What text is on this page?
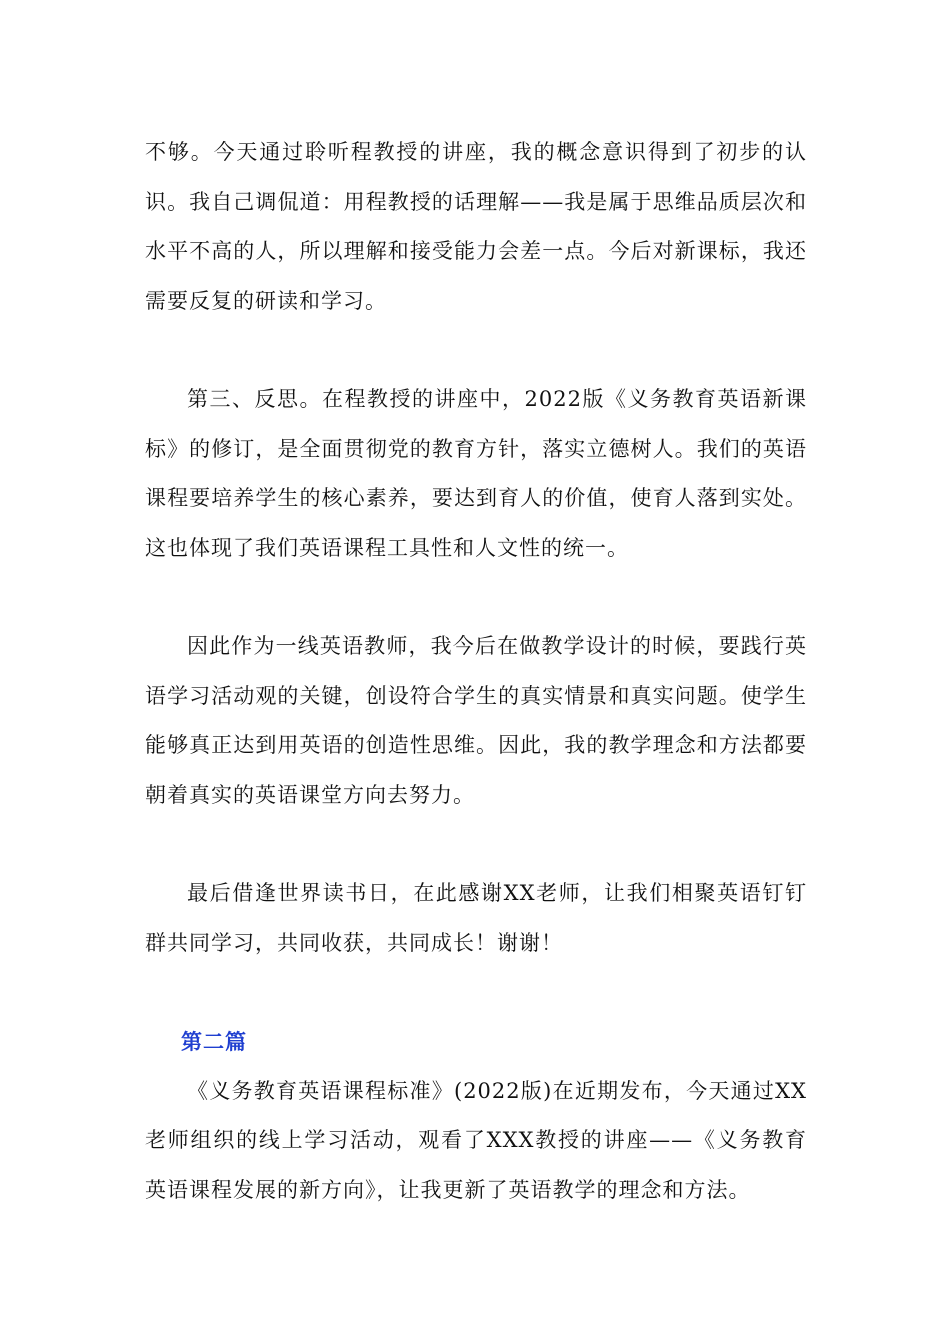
不够。今天通过聆听程教授的讲座，我的概念意识得到了初步的认识。我自己调侃道：用程教授的话理解——我是属于思维品质层次和水平不高的人，所以理解和接受能力会差一点。今后对新课标，我还需要反复的研读和学习。

第三、反思。在程教授的讲座中，2022版《义务教育英语新课标》的修订，是全面贯彻党的教育方针，落实立德树人。我们的英语课程要培养学生的核心素养，要达到育人的价值，使育人落到实处。这也体现了我们英语课程工具性和人文性的统一。

因此作为一线英语教师，我今后在做教学设计的时候，要践行英语学习活动观的关键，创设符合学生的真实情景和真实问题。使学生能够真正达到用英语的创造性思维。因此，我的教学理念和方法都要朝着真实的英语课堂方向去努力。

最后借逢世界读书日，在此感谢XX老师，让我们相聚英语钉钉群共同学习，共同收获，共同成长！谢谢！

第二篇

《义务教育英语课程标准》(2022版)在近期发布，今天通过XX老师组织的线上学习活动，观看了XXX教授的讲座——《义务教育英语课程发展的新方向》，让我更新了英语教学的理念和方法。
